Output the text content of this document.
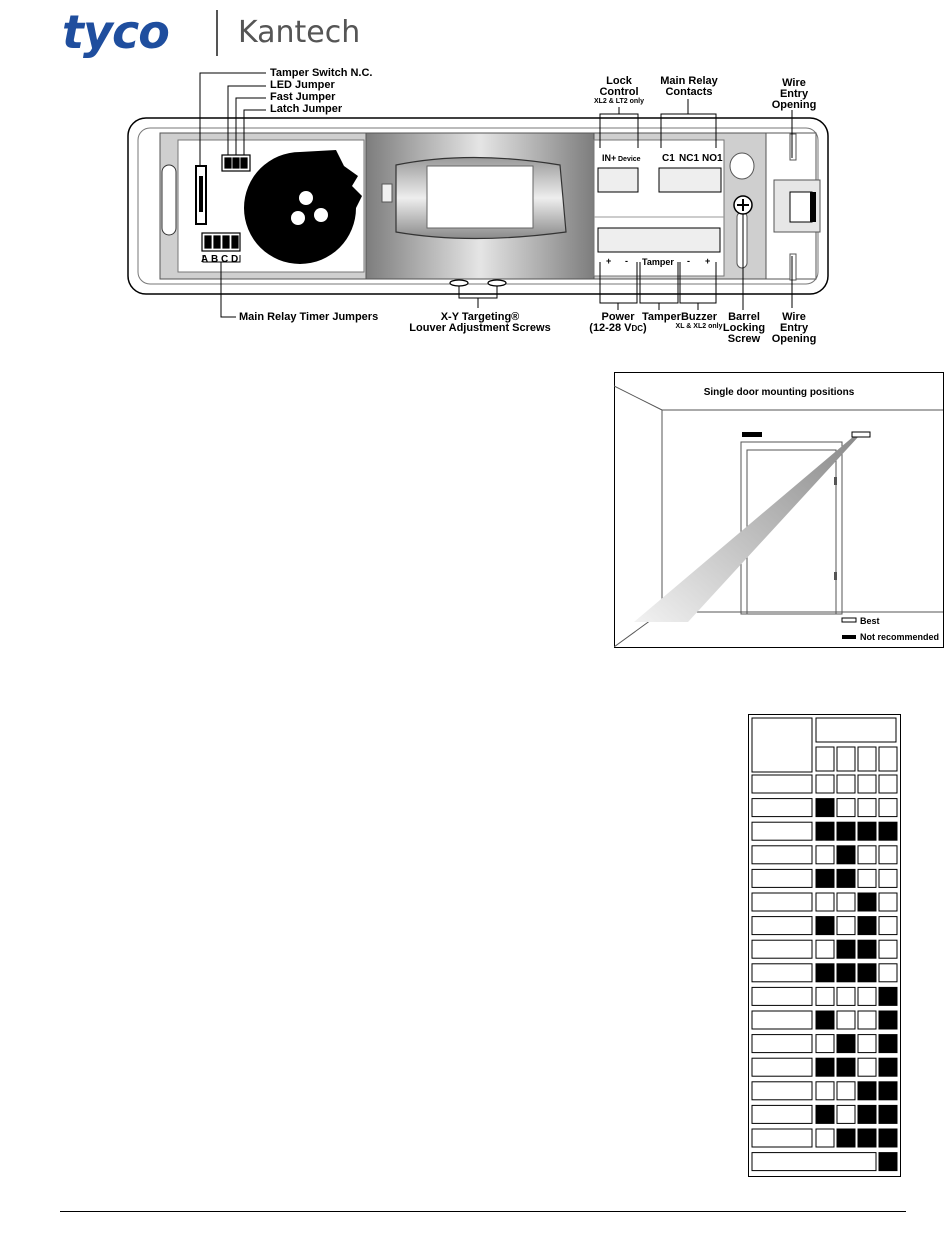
tyco Kantech
IN+ Device C1 NC1 NO1
+ - Tamper - +
A B C D
Tamper Switch N.C.
LED Jumper
Fast Jumper
Latch Jumper
Lock
Control
XL2 & LT2 only
Main Relay
Contacts
Wire
Entry
Opening
Main Relay Timer Jumpers	X-Y Targeting®
Louver Adjustment Screws
Power
(12-28 VDC)
Tamper Buzzer
XL & XL2 only
Barrel
Locking
Screw
Wire
Entry
Opening
Single door mounting positions
Best
Not recommended
